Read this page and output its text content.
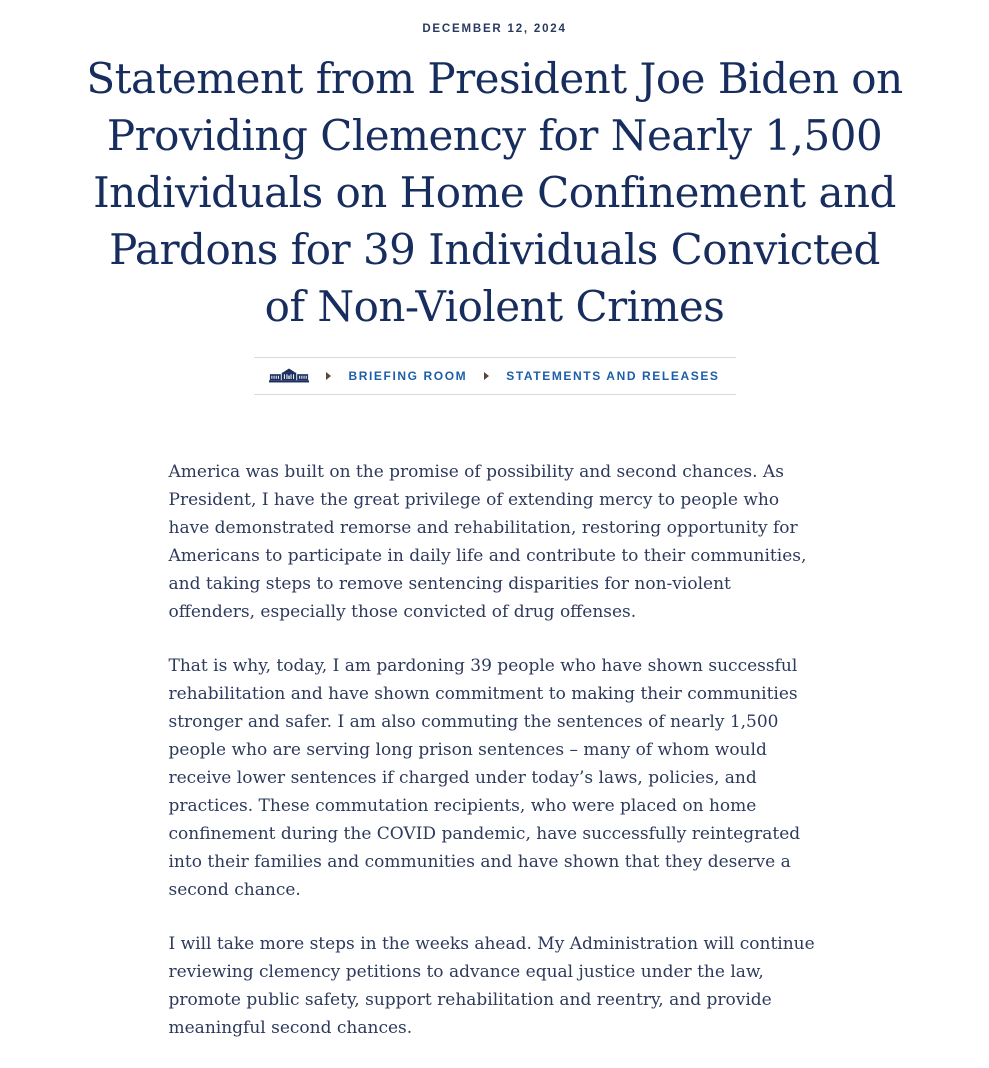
DECEMBER 12, 2024
Statement from President Joe Biden on
Providing Clemency for Nearly 1,500
Individuals on Home Confinement and
Pardons for 39 Individuals Convicted
of Non-Violent Crimes
BRIEFING ROOM	STATEMENTS AND RELEASES

America was built on the promise of possibility and second chances. As President, I have the great privilege of extending mercy to people who have demonstrated remorse and rehabilitation, restoring opportunity for Americans to participate in daily life and contribute to their communities, and taking steps to remove sentencing disparities for non-violent offenders, especially those convicted of drug offenses.

That is why, today, I am pardoning 39 people who have shown successful rehabilitation and have shown commitment to making their communities stronger and safer. I am also commuting the sentences of nearly 1,500 people who are serving long prison sentences – many of whom would receive lower sentences if charged under today’s laws, policies, and practices. These commutation recipients, who were placed on home confinement during the COVID pandemic, have successfully reintegrated into their families and communities and have shown that they deserve a second chance.

I will take more steps in the weeks ahead. My Administration will continue reviewing clemency petitions to advance equal justice under the law, promote public safety, support rehabilitation and reentry, and provide meaningful second chances.
